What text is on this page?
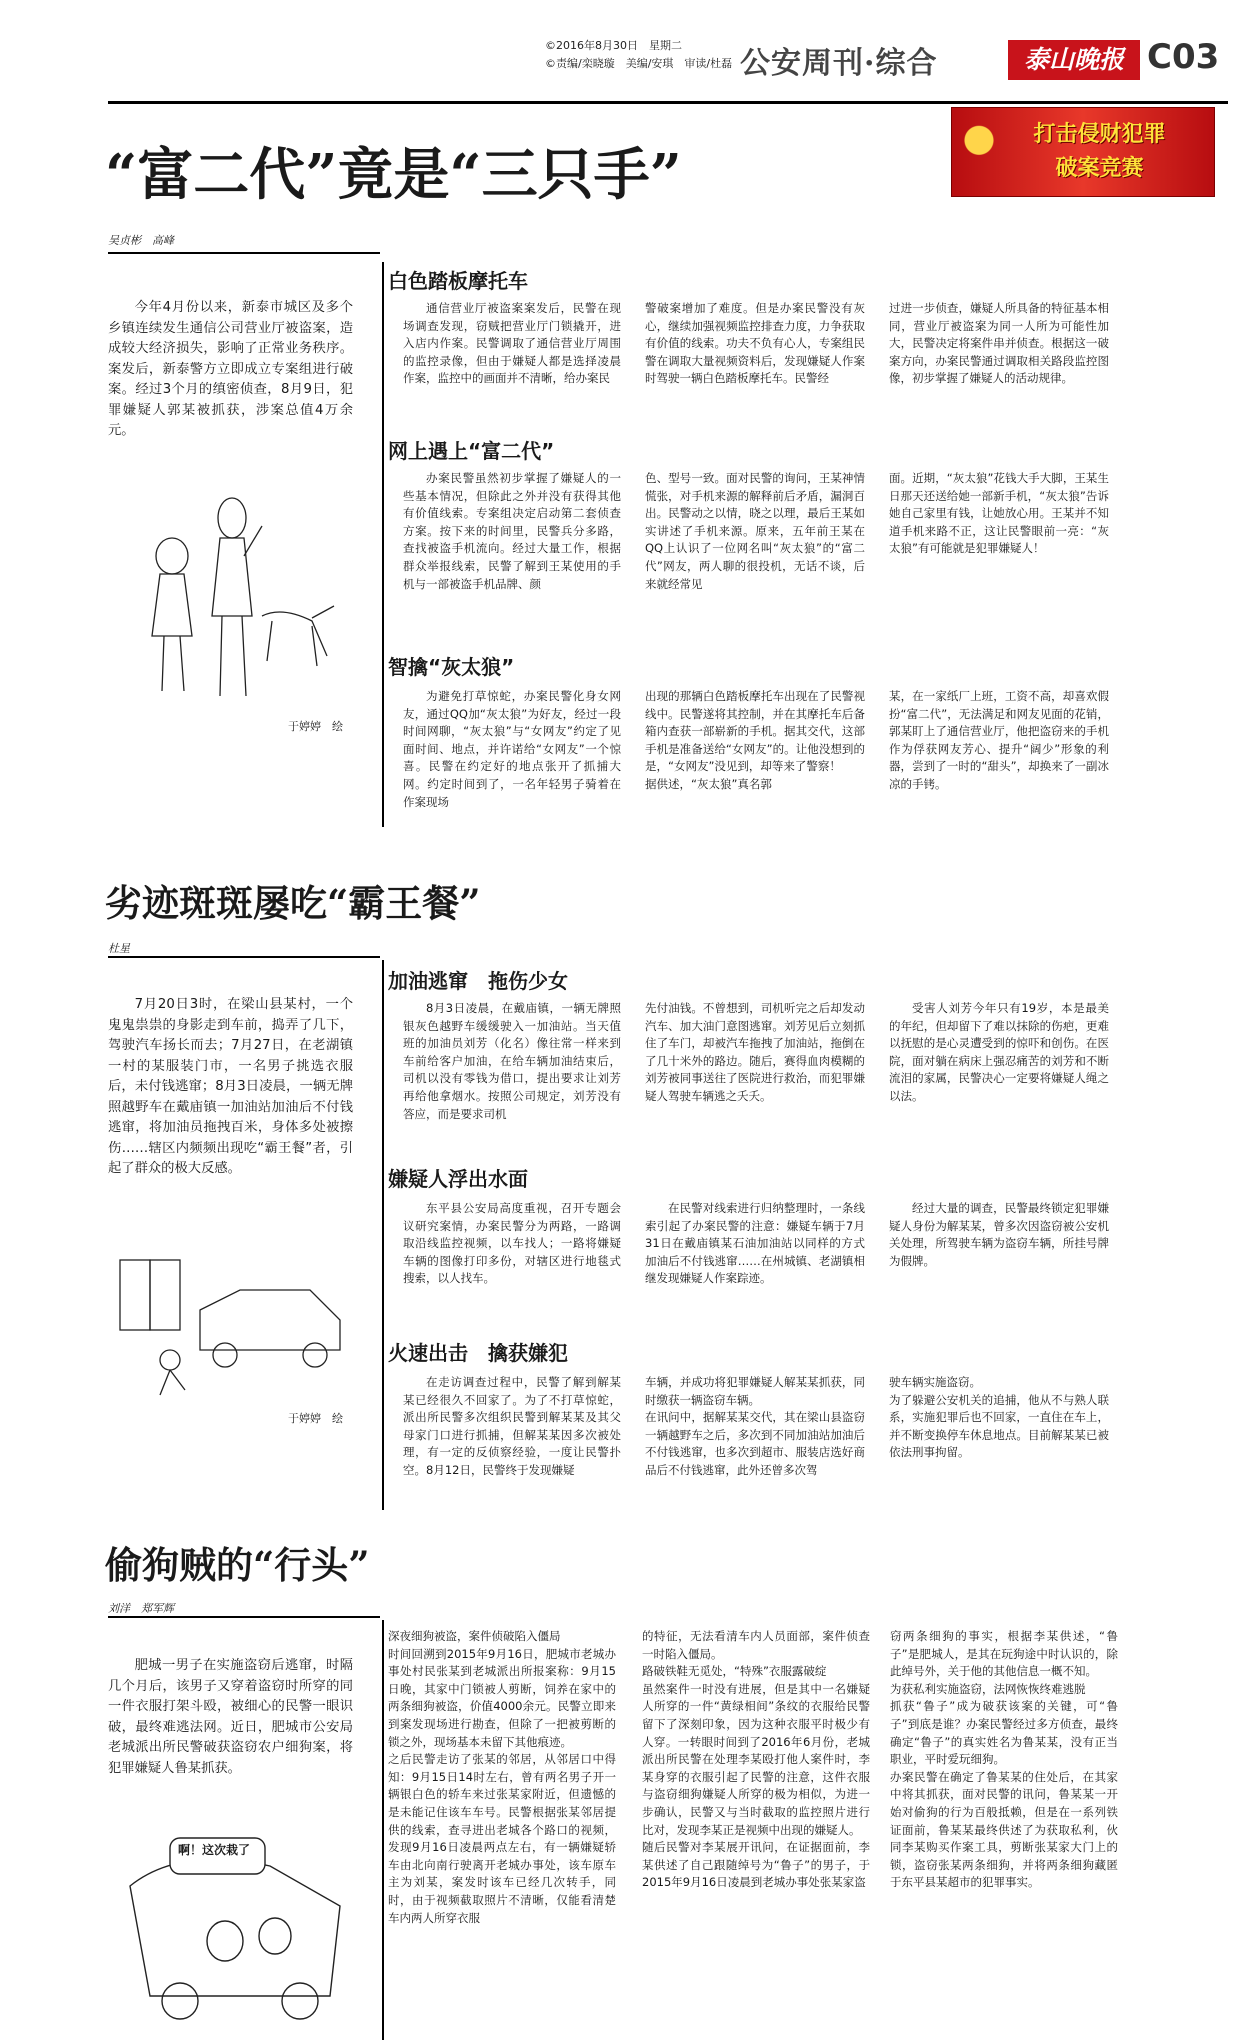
©2016年8月30日　星期二
©责编/栾晓璇　美编/安琪　审读/杜磊 公安周刊·综合	泰山晚报 C03
打击侵财犯罪
破案竞赛
“富二代”竟是“三只手”
吴贞彬　高峰
今年4月份以来，新泰市城区及多个乡镇连续发生通信公司营业厅被盗案，造成较大经济损失，影响了正常业务秩序。案发后，新泰警方立即成立专案组进行破案。经过3个月的缜密侦查，8月9日，犯罪嫌疑人郭某被抓获，涉案总值4万余元。
于婷婷　绘
白色踏板摩托车
通信营业厅被盗案案发后，民警在现场调查发现，窃贼把营业厅门锁撬开，进入店内作案。民警调取了通信营业厅周围的监控录像，但由于嫌疑人都是选择凌晨作案，监控中的画面并不清晰，给办案民
警破案增加了难度。但是办案民警没有灰心，继续加强视频监控排查力度，力争获取有价值的线索。功夫不负有心人，专案组民警在调取大量视频资料后，发现嫌疑人作案时驾驶一辆白色踏板摩托车。民警经
过进一步侦查，嫌疑人所具备的特征基本相同，营业厅被盗案为同一人所为可能性加大，民警决定将案件串并侦查。根据这一破案方向，办案民警通过调取相关路段监控图像，初步掌握了嫌疑人的活动规律。
网上遇上“富二代”
办案民警虽然初步掌握了嫌疑人的一些基本情况，但除此之外并没有获得其他有价值线索。专案组决定启动第二套侦查方案。按下来的时间里，民警兵分多路，查找被盗手机流向。经过大量工作，根据群众举报线索，民警了解到王某使用的手机与一部被盗手机品牌、颜
色、型号一致。面对民警的询问，王某神情慌张，对手机来源的解释前后矛盾，漏洞百出。民警动之以情，晓之以理，最后王某如实讲述了手机来源。原来，五年前王某在QQ上认识了一位网名叫“灰太狼”的“富二代”网友，两人聊的很投机，无话不谈，后来就经常见
面。近期，“灰太狼”花钱大手大脚，王某生日那天还送给她一部新手机，“灰太狼”告诉她自己家里有钱，让她放心用。王某并不知道手机来路不正，这让民警眼前一亮：“灰太狼”有可能就是犯罪嫌疑人！
智擒“灰太狼”
为避免打草惊蛇，办案民警化身女网友，通过QQ加“灰太狼”为好友，经过一段时间网聊，“灰太狼”与“女网友”约定了见面时间、地点，并许诺给“女网友”一个惊喜。民警在约定好的地点张开了抓捕大网。约定时间到了，一名年轻男子骑着在作案现场
出现的那辆白色踏板摩托车出现在了民警视线中。民警遂将其控制，并在其摩托车后备箱内查获一部崭新的手机。据其交代，这部手机是准备送给“女网友”的。让他没想到的是，“女网友”没见到，却等来了警察！
据供述，“灰太狼”真名郭
某，在一家纸厂上班，工资不高，却喜欢假扮“富二代”，无法满足和网友见面的花销，郭某盯上了通信营业厅，他把盗窃来的手机作为俘获网友芳心、提升“阔少”形象的利器，尝到了一时的“甜头”，却换来了一副冰凉的手铐。
劣迹斑斑屡吃“霸王餐”
杜星
7月20日3时，在梁山县某村，一个鬼鬼祟祟的身影走到车前，捣弄了几下，驾驶汽车扬长而去；7月27日，在老湖镇一村的某服装门市，一名男子挑选衣服后，未付钱逃窜；8月3日凌晨，一辆无牌照越野车在戴庙镇一加油站加油后不付钱逃窜，将加油员拖拽百米，身体多处被擦伤……辖区内频频出现吃“霸王餐”者，引起了群众的极大反感。
于婷婷　绘
加油逃窜　拖伤少女
8月3日凌晨，在戴庙镇，一辆无牌照银灰色越野车缓缓驶入一加油站。当天值班的加油员刘芳（化名）像往常一样来到车前给客户加油，在给车辆加油结束后，司机以没有零钱为借口，提出要求让刘芳再给他拿烟水。按照公司规定，刘芳没有答应，而是要求司机
先付油钱。不曾想到，司机听完之后却发动汽车、加大油门意图逃窜。刘芳见后立刻抓住了车门，却被汽车拖拽了加油站，拖倒在了几十米外的路边。随后，赛得血肉模糊的刘芳被同事送往了医院进行救治，而犯罪嫌疑人驾驶车辆逃之夭夭。
受害人刘芳今年只有19岁，本是最美的年纪，但却留下了难以抹除的伤疤，更难以抚慰的是心灵遭受到的惊吓和创伤。在医院，面对躺在病床上强忍痛苦的刘芳和不断流泪的家属，民警决心一定要将嫌疑人绳之以法。
嫌疑人浮出水面
东平县公安局高度重视，召开专题会议研究案情，办案民警分为两路，一路调取沿线监控视频，以车找人；一路将嫌疑车辆的图像打印多份，对辖区进行地毯式搜索，以人找车。
在民警对线索进行归纳整理时，一条线索引起了办案民警的注意：嫌疑车辆于7月31日在戴庙镇某石油加油站以同样的方式加油后不付钱逃窜……在州城镇、老湖镇相继发现嫌疑人作案踪迹。
经过大量的调查，民警最终锁定犯罪嫌疑人身份为解某某，曾多次因盗窃被公安机关处理，所驾驶车辆为盗窃车辆，所挂号牌为假牌。
火速出击　擒获嫌犯
在走访调查过程中，民警了解到解某某已经很久不回家了。为了不打草惊蛇，派出所民警多次组织民警到解某某及其父母家门口进行抓捕，但解某某因多次被处理，有一定的反侦察经验，一度让民警扑空。8月12日，民警终于发现嫌疑
车辆，并成功将犯罪嫌疑人解某某抓获，同时缴获一辆盗窃车辆。
在讯问中，据解某某交代，其在梁山县盗窃一辆越野车之后，多次到不同加油站加油后不付钱逃窜，也多次到超市、服装店选好商品后不付钱逃窜，此外还曾多次驾
驶车辆实施盗窃。
为了躲避公安机关的追捕，他从不与熟人联系，实施犯罪后也不回家，一直住在车上，并不断变换停车休息地点。目前解某某已被依法刑事拘留。
偷狗贼的“行头”
刘洋　郑军辉
肥城一男子在实施盗窃后逃窜，时隔几个月后，该男子又穿着盗窃时所穿的同一件衣服打架斗殴，被细心的民警一眼识破，最终难逃法网。近日，肥城市公安局老城派出所民警破获盗窃农户细狗案，将犯罪嫌疑人鲁某抓获。
啊！这次栽了
深夜细狗被盗，案件侦破陷入僵局
时间回溯到2015年9月16日，肥城市老城办事处村民张某到老城派出所报案称：9月15日晚，其家中门锁被人剪断，饲养在家中的两条细狗被盗，价值4000余元。民警立即来到案发现场进行勘查，但除了一把被剪断的锁之外，现场基本未留下其他痕迹。
之后民警走访了张某的邻居，从邻居口中得知：9月15日14时左右，曾有两名男子开一辆银白色的轿车来过张某家附近，但遗憾的是未能记住该车车号。民警根据张某邻居提供的线索，查寻进出老城各个路口的视频，发现9月16日凌晨两点左右，有一辆嫌疑轿车由北向南行驶离开老城办事处，该车原车主为刘某，案发时该车已经几次转手，同时，由于视频截取照片不清晰，仅能看清楚车内两人所穿衣服
的特征，无法看清车内人员面部，案件侦查一时陷入僵局。
路破铁鞋无觅处，“特殊”衣服露破绽
虽然案件一时没有进展，但是其中一名嫌疑人所穿的一件“黄绿相间”条纹的衣服给民警留下了深刻印象，因为这种衣服平时极少有人穿。一转眼时间到了2016年6月份，老城派出所民警在处理李某殴打他人案件时，李某身穿的衣服引起了民警的注意，这件衣服与盗窃细狗嫌疑人所穿的极为相似，为进一步确认，民警又与当时截取的监控照片进行比对，发现李某正是视频中出现的嫌疑人。
随后民警对李某展开讯问，在证据面前，李某供述了自己跟随绰号为“鲁子”的男子，于2015年9月16日凌晨到老城办事处张某家盗
窃两条细狗的事实，根据李某供述，“鲁子”是肥城人，是其在玩狗途中时认识的，除此绰号外，关于他的其他信息一概不知。
为获私利实施盗窃，法网恢恢终难逃脱
抓获“鲁子”成为破获该案的关键，可“鲁子”到底是谁？办案民警经过多方侦查，最终确定“鲁子”的真实姓名为鲁某某，没有正当职业，平时爱玩细狗。
办案民警在确定了鲁某某的住处后，在其家中将其抓获，面对民警的讯问，鲁某某一开始对偷狗的行为百般抵赖，但是在一系列铁证面前，鲁某某最终供述了为获取私利，伙同李某购买作案工具，剪断张某家大门上的锁，盗窃张某两条细狗，并将两条细狗藏匿于东平县某超市的犯罪事实。
